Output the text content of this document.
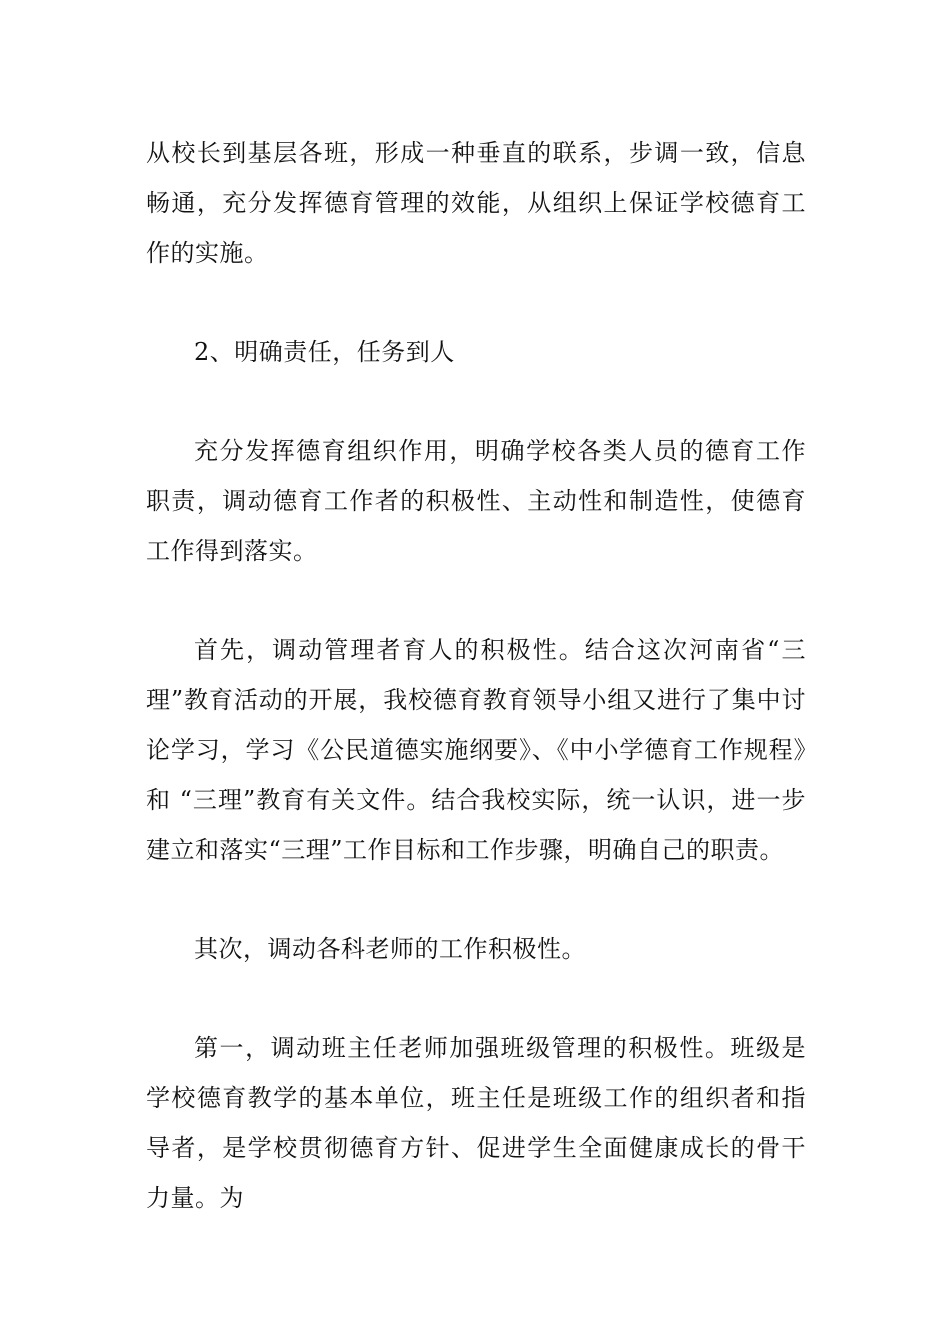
从校长到基层各班，形成一种垂直的联系，步调一致，信息畅通，充分发挥德育管理的效能，从组织上保证学校德育工作的实施。

2、明确责任，任务到人

充分发挥德育组织作用，明确学校各类人员的德育工作职责，调动德育工作者的积极性、主动性和制造性，使德育工作得到落实。

首先，调动管理者育人的积极性。结合这次河南省“三理”教育活动的开展，我校德育教育领导小组又进行了集中讨论学习，学习《公民道德实施纲要》、《中小学德育工作规程》和 “三理”教育有关文件。结合我校实际，统一认识，进一步建立和落实“三理”工作目标和工作步骤，明确自己的职责。

其次，调动各科老师的工作积极性。

第一，调动班主任老师加强班级管理的积极性。班级是学校德育教学的基本单位，班主任是班级工作的组织者和指导者，是学校贯彻德育方针、促进学生全面健康成长的骨干力量。为
